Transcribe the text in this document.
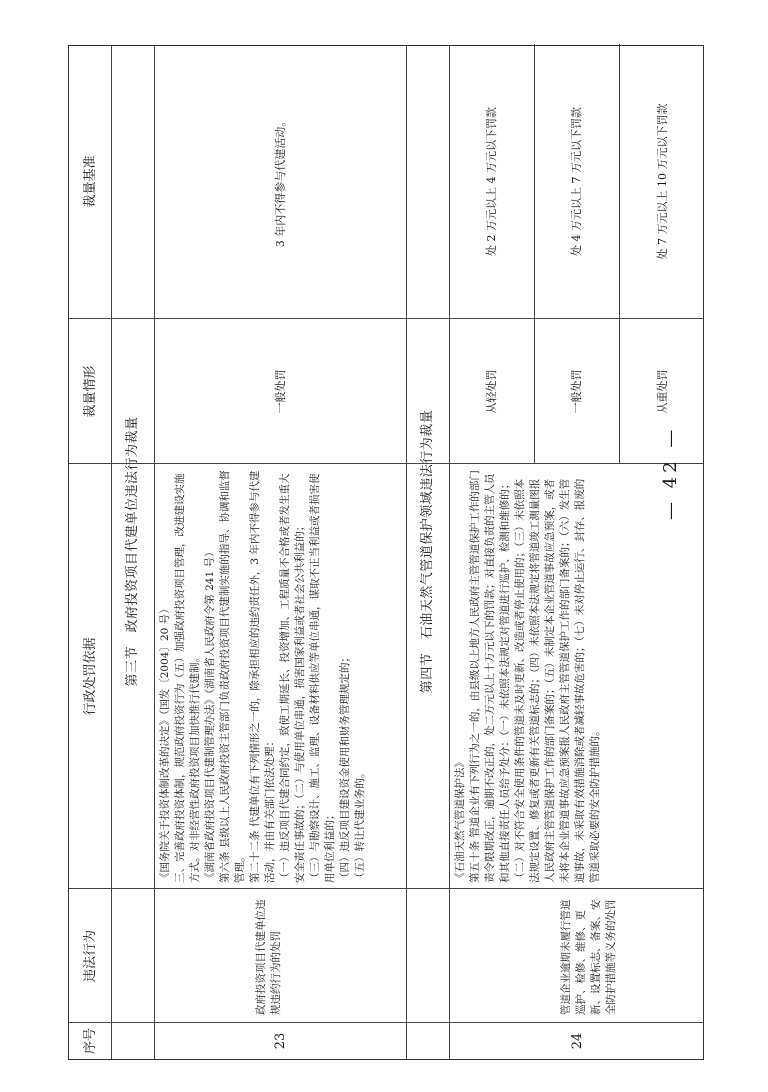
序号
违法行为
行政处罚依据
裁量情形
裁量基准
第三节　政府投资项目代建单位违法行为裁量
23
政府投资项目代建单位违规违约行为的处罚

《国务院关于投资体制改革的决定》（国发〔2004〕20 号） 三、完善政府投资体制，规范政府投资行为（五）加强政府投资项目管理，改进建设实施方式。对非经营性政府投资项目加快推行代建制。 《湖南省政府投资项目代建制管理办法》（湖南省人民政府令第 241 号） 第六条 县级以上人民政府投资主管部门负责政府投资项目代建制实施的指导、协调和监督管理。 第二十二条 代建单位有下列情形之一的，除承担相应的违约责任外，3 年内不得参与代建活动，并由有关部门依法处理： （一）违反项目代建合同约定，致使工期延长、投资增加、工程质量不合格或者发生重大安全责任事故的；（二）与使用单位串通，损害国家利益或者社会公共利益的； （三）与勘察设计、施工、监理、设备材料供应等单位串通，谋取不正当利益或者损害使用单位利益的； （四）违反项目建设资金使用和财务管理规定的； （五）转让代建业务的。

一般处罚
3 年内不得参与代建活动。
第四节　石油天然气管道保护领域违法行为裁量
24
管道企业逾期未履行管道巡护、检修、维修、更新、设置标志、备案、安全防护措施等义务的处罚

《石油天然气管道保护法》 第五十条 管道企业有下列行为之一的，由县级以上地方人民政府主管管道保护工作的部门责令限期改正，逾期不改正的，处二万元以上十万元以下的罚款；对直接负责的主管人员和其他直接责任人员给予处分：（一）未依照本法规定对管道进行巡护、检测和维修的； （二）对不符合安全使用条件的管道未及时更新、改造或者停止使用的；（三）未依照本法规定设置、修复或者更新有关管道标志的；（四）未依照本法规定将管道竣工测量图报人民政府主管管道保护工作的部门备案的；（五）未制定本企业管道事故应急预案，或者未将本企业管道事故应急预案报人民政府主管管道保护工作的部门备案的；（六）发生管道事故，未采取有效措施消除或者减轻事故危害的；（七）未对停止运行、封存、报废的管道采取必要的安全防护措施的。

从轻处罚
处 2 万元以上 4 万元以下罚款
一般处罚
处 4 万元以上 7 万元以下罚款
从重处罚
处 7 万元以上 10 万元以下罚款
— 42 —
